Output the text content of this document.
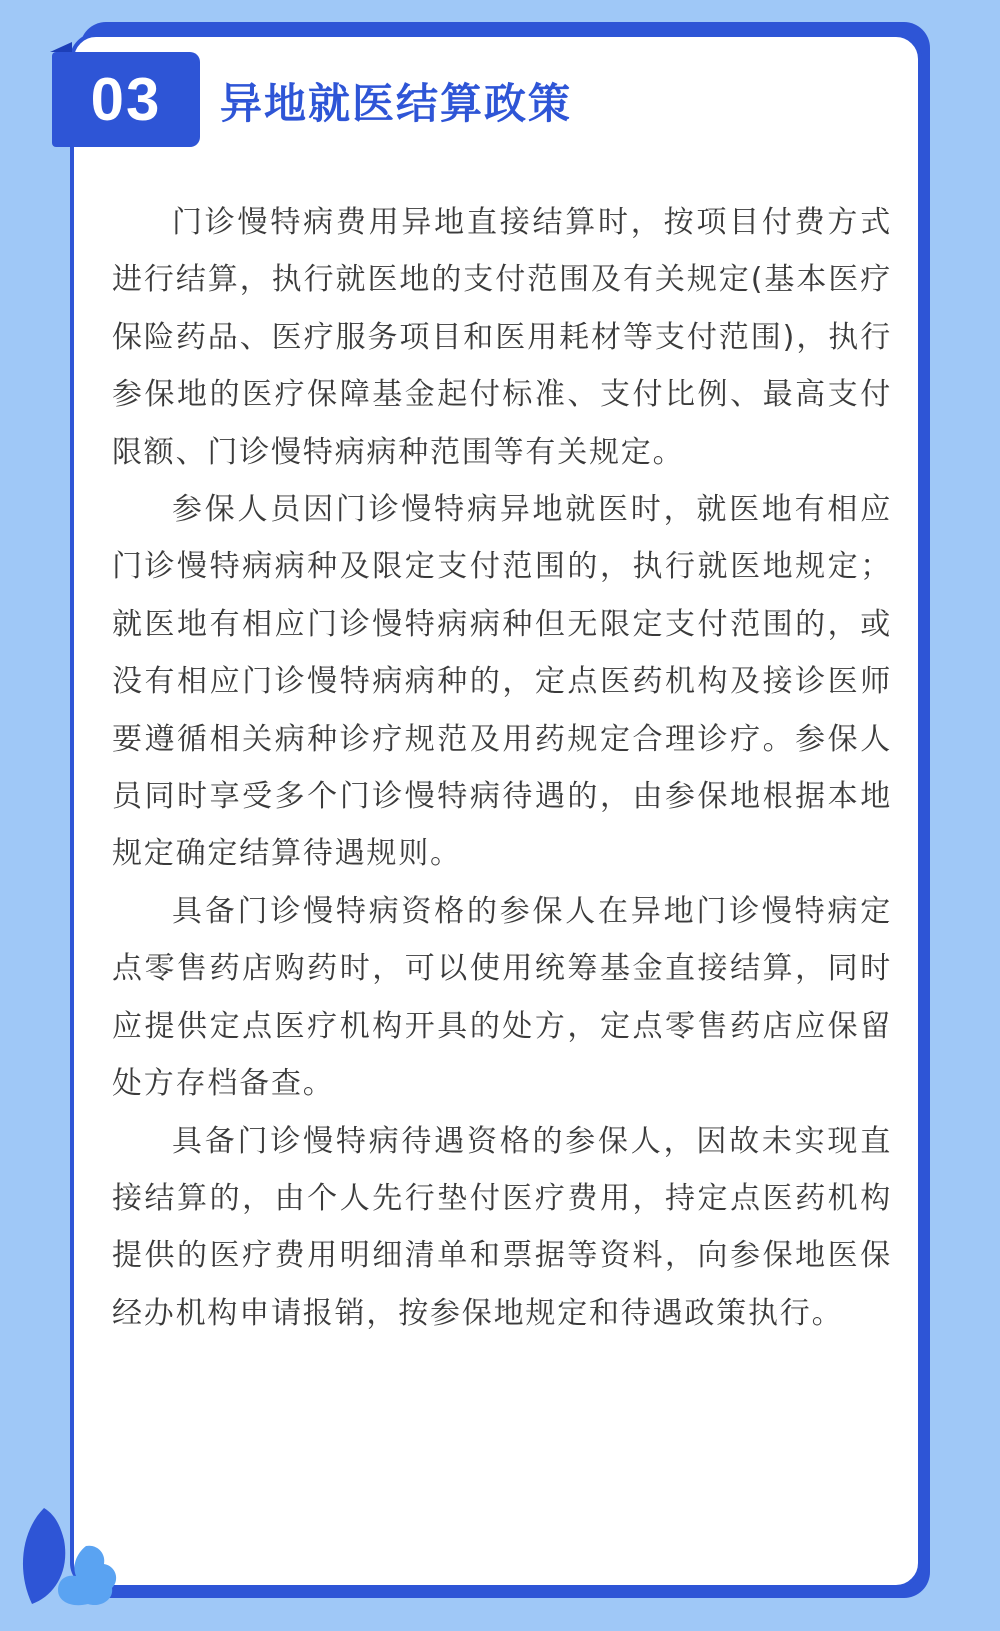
03 异地就医结算政策

门诊慢特病费用异地直接结算时，按项目付费方式进行结算，执行就医地的支付范围及有关规定(基本医疗保险药品、医疗服务项目和医用耗材等支付范围)，执行参保地的医疗保障基金起付标准、支付比例、最高支付限额、门诊慢特病病种范围等有关规定。

参保人员因门诊慢特病异地就医时，就医地有相应门诊慢特病病种及限定支付范围的，执行就医地规定；就医地有相应门诊慢特病病种但无限定支付范围的，或没有相应门诊慢特病病种的，定点医药机构及接诊医师要遵循相关病种诊疗规范及用药规定合理诊疗。参保人员同时享受多个门诊慢特病待遇的，由参保地根据本地规定确定结算待遇规则。

具备门诊慢特病资格的参保人在异地门诊慢特病定点零售药店购药时，可以使用统筹基金直接结算，同时应提供定点医疗机构开具的处方，定点零售药店应保留处方存档备查。

具备门诊慢特病待遇资格的参保人，因故未实现直接结算的，由个人先行垫付医疗费用，持定点医药机构提供的医疗费用明细清单和票据等资料，向参保地医保经办机构申请报销，按参保地规定和待遇政策执行。
